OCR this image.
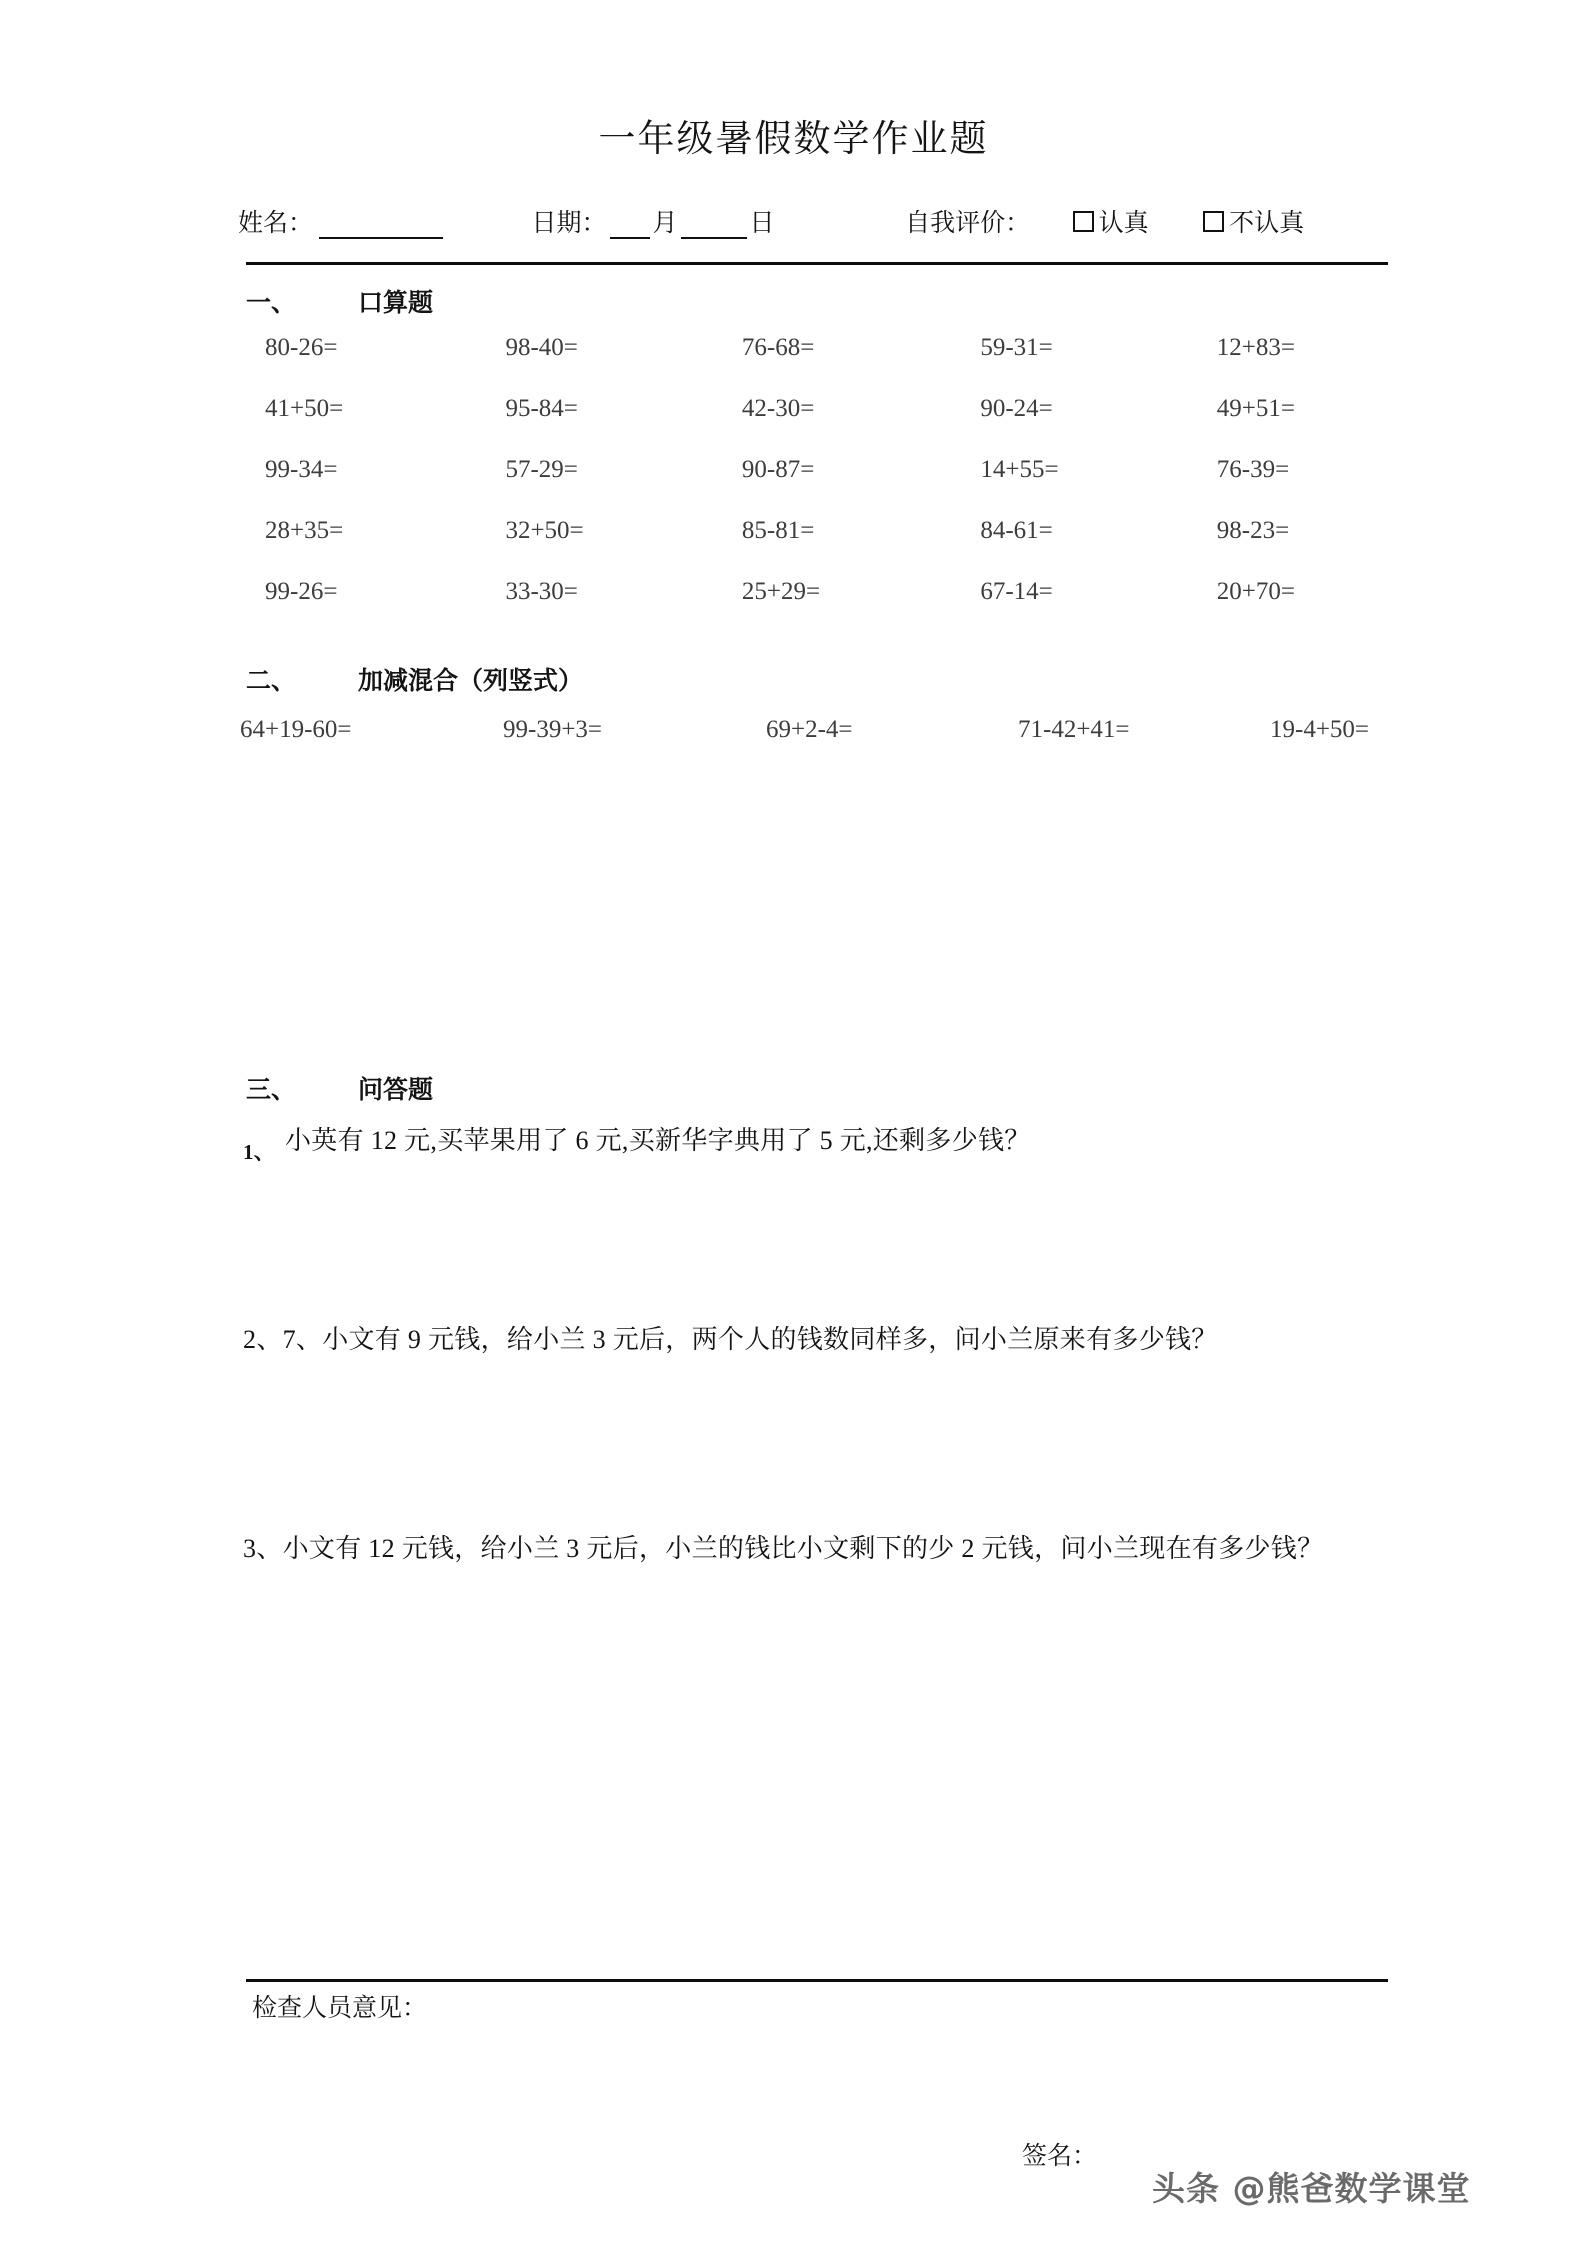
一年级暑假数学作业题
姓名：	日期： 月	日	自我评价：	认真	不认真
一、 口算题
80-26=	98-40=	76-68=	59-31=	12+83=
41+50=	95-84=	42-30=	90-24=	49+51=
99-34=	57-29=	90-87=	14+55=	76-39=
28+35=	32+50=	85-81=	84-61=	98-23=
99-26=	33-30=	25+29=	67-14=	20+70=
二、 加减混合（列竖式）
64+19-60=	99-39+3=	69+2-4=	71-42+41=	19-4+50=
三、 问答题
1、 小英有 12 元,买苹果用了 6 元,买新华字典用了 5 元,还剩多少钱？
2、7、小文有 9 元钱，给小兰 3 元后，两个人的钱数同样多，问小兰原来有多少钱？
3、小文有 12 元钱，给小兰 3 元后，小兰的钱比小文剩下的少 2 元钱，问小兰现在有多少钱？
检查人员意见：
签名：
头条 @熊爸数学课堂
